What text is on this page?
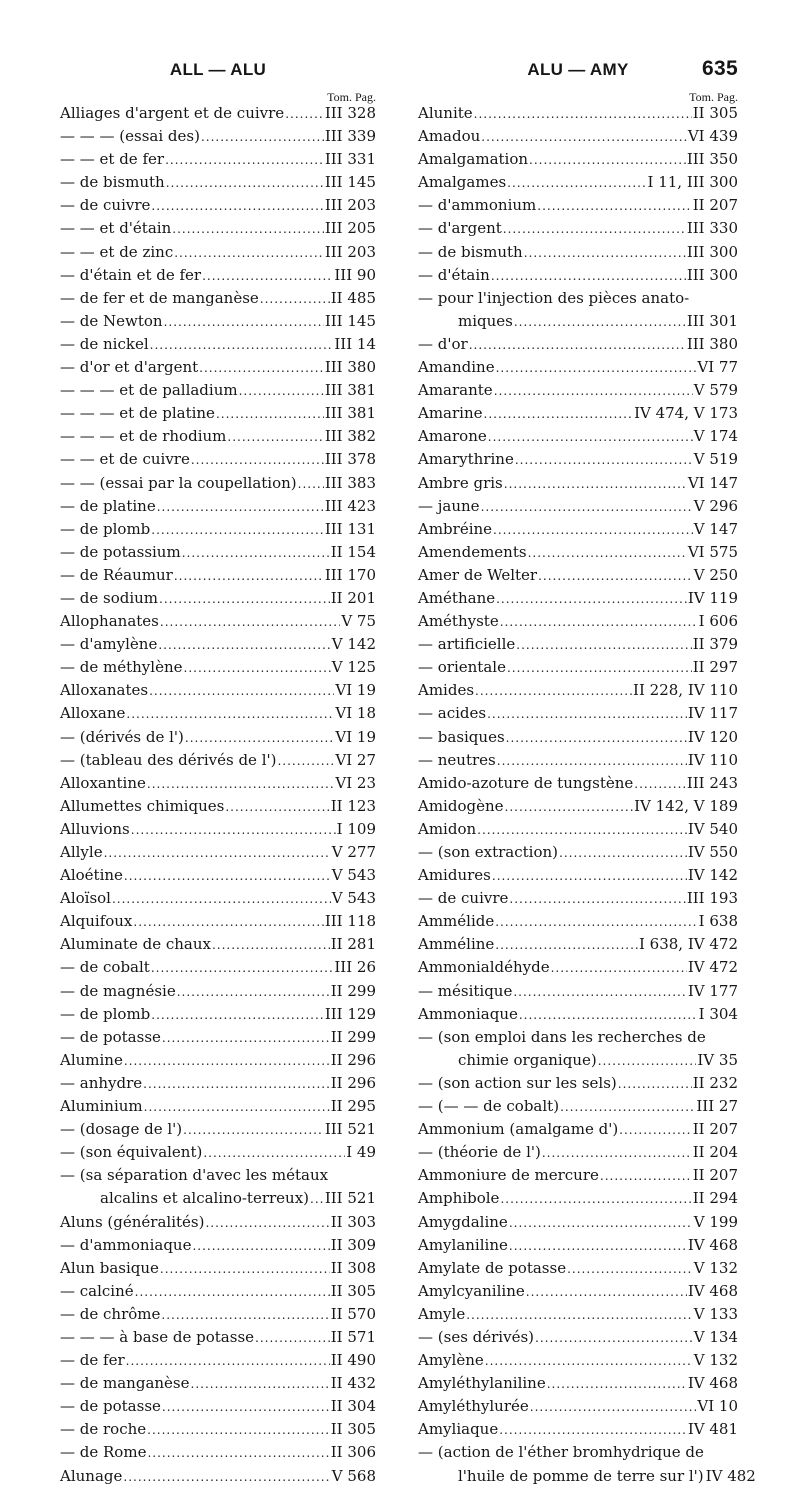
ALL — ALU
Tom. Pag.
Alliages d'argent et de cuivre .....	III 328
— — — (essai des) .....	III 339
— — et de fer .....	III 331
— de bismuth .....	III 145
— de cuivre .....	III 203
— — et d'étain .....	III 205
— — et de zinc .....	III 203
— d'étain et de fer .....	III 90
— de fer et de manganèse .....	II 485
— de Newton .....	III 145
— de nickel .....	III 14
— d'or et d'argent .....	III 380
— — — et de palladium .....	III 381
— — — et de platine .....	III 381
— — — et de rhodium .....	III 382
— — et de cuivre .....	III 378
— — (essai par la coupellation) ..... III 383
— de platine .....	III 423
— de plomb .....	III 131
— de potassium .....	II 154
— de Réaumur .....	III 170
— de sodium .....	II 201
Allophanates .....	V 75
— d'amylène .....	V 142
— de méthylène .....	V 125
Alloxanates .....	VI 19
Alloxane .....	VI 18
— (dérivés de l') .....	VI 19
— (tableau des dérivés de l') .....	VI 27
Alloxantine .....	VI 23
Allumettes chimiques .....	II 123
Alluvions .....	I 109
Allyle .....	V 277
Aloétine .....	V 543
Aloïsol .....	V 543
Alquifoux .....	III 118
Aluminate de chaux .....	II 281
— de cobalt .....	III 26
— de magnésie .....	II 299
— de plomb .....	III 129
— de potasse .....	II 299
Alumine .....	II 296
— anhydre .....	II 296
Aluminium .....	II 295
— (dosage de l') .....	III 521
— (son équivalent) .....	I 49
— (sa séparation d'avec les métaux
alcalins et alcalino-terreux) ..... III 521
Aluns (généralités) .....	II 303
— d'ammoniaque .....	II 309
Alun basique .....	II 308
— calciné .....	II 305
— de chrôme .....	II 570
— — — à base de potasse .....	II 571
— de fer .....	II 490
— de manganèse .....	II 432
— de potasse .....	II 304
— de roche .....	II 305
— de Rome .....	II 306
Alunage .....	V 568
ALU — AMY	635
Tom. Pag.
Alunite .....	II 305
Amadou .....	VI 439
Amalgamation .....	III 350
Amalgames .....	I 11, III 300
— d'ammonium .....	II 207
— d'argent .....	III 330
— de bismuth .....	III 300
— d'étain .....	III 300
— pour l'injection des pièces anato-
miques .....	III 301
— d'or .....	III 380
Amandine .....	VI 77
Amarante .....	V 579
Amarine .....	IV 474, V 173
Amarone .....	V 174
Amarythrine .....	V 519
Ambre gris .....	VI 147
— jaune .....	V 296
Ambréine .....	V 147
Amendements .....	VI 575
Amer de Welter .....	V 250
Améthane .....	IV 119
Améthyste .....	I 606
— artificielle .....	II 379
— orientale .....	II 297
Amides .....	II 228, IV 110
— acides .....	IV 117
— basiques .....	IV 120
— neutres .....	IV 110
Amido-azoture de tungstène .....	III 243
Amidogène .....	IV 142, V 189
Amidon .....	IV 540
— (son extraction) .....	IV 550
Amidures .....	IV 142
— de cuivre .....	III 193
Ammélide .....	I 638
Amméline .....	I 638, IV 472
Ammonialdéhyde .....	IV 472
— mésitique .....	IV 177
Ammoniaque .....	I 304
— (son emploi dans les recherches de
chimie organique) .....	IV 35
— (son action sur les sels) .....	II 232
— (— — de cobalt) .....	III 27
Ammonium (amalgame d') .....	II 207
— (théorie de l') .....	II 204
Ammoniure de mercure .....	II 207
Amphibole .....	II 294
Amygdaline .....	V 199
Amylaniline .....	IV 468
Amylate de potasse .....	V 132
Amylcyaniline .....	IV 468
Amyle .....	V 133
— (ses dérivés) .....	V 134
Amylène .....	V 132
Amyléthylaniline .....	IV 468
Amyléthylurée .....	VI 10
Amyliaque .....	IV 481
— (action de l'éther bromhydrique de
l'huile de pomme de terre sur l') IV 482
